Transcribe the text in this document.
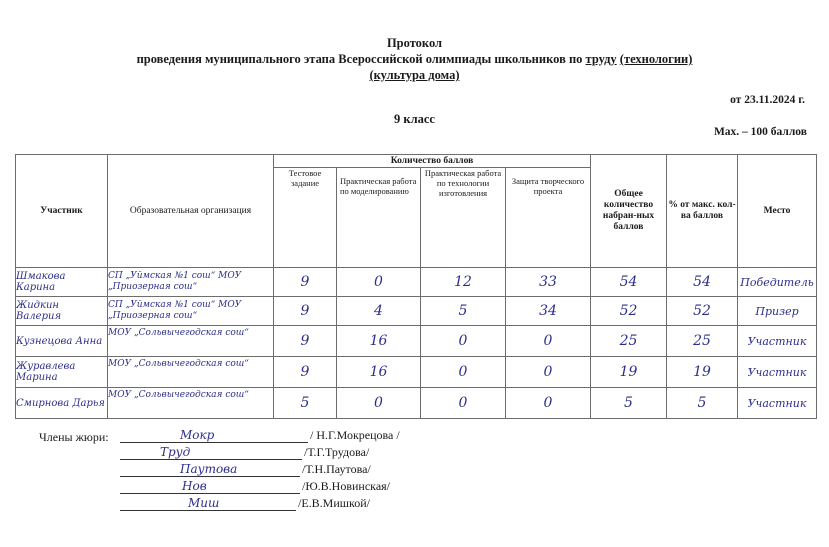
Протокол
проведения муниципального этапа Всероссийской олимпиады школьников по труду (технологии)
(культура дома)
от 23.11.2024 г.
9 класс
Max. – 100 баллов
Участник	Образовательная организация	Количество баллов				Общее количество набран-ных баллов	% от макс. кол-ва баллов	Место
		Тестовое задание	Практическая работа по моделированию	Практическая работа по технологии изготовления	Защита творческого проекта			
Шмакова Карина	СП „Уймская №1 сош“ МОУ „Приозерная сош“	9	0	12	33	54	54	Победитель
Жидкин Валерия	СП „Уймская №1 сош“ МОУ „Приозерная сош“	9	4	5	34	52	52	Призер
Кузнецова Анна	МОУ „Сольвычегодская сош“	9	16	0	0	25	25	Участник
Журавлева Марина	МОУ „Сольвычегодская сош“	9	16	0	0	19	19	Участник
Смирнова Дарья	МОУ „Сольвычегодская сош“	5	0	0	0	5	5	Участник
Члены жюри:	Мокр	/ Н.Г.Мокрецова /
Труд	/Т.Г.Трудова/
Паутова	/Т.Н.Паутова/
Нов	/Ю.В.Новинская/
Миш	/Е.В.Мишкой/
